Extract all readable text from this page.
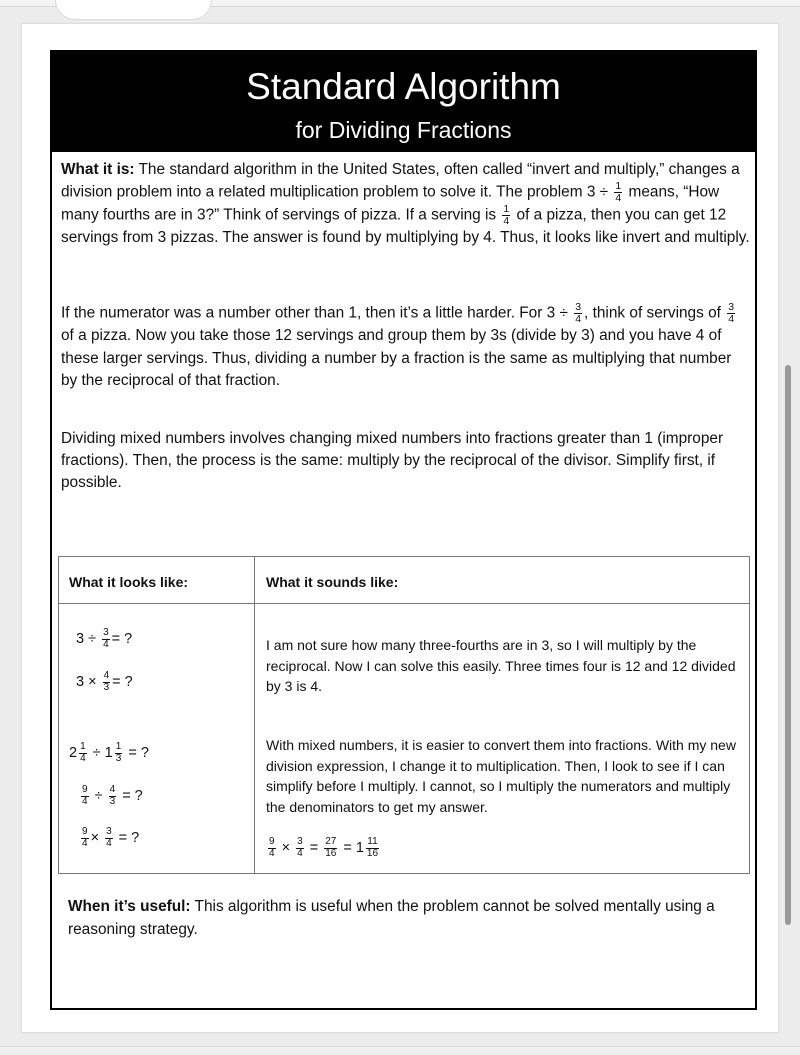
Standard Algorithm
for Dividing Fractions
What it is: The standard algorithm in the United States, often called “invert and multiply,” changes a division problem into a related multiplication problem to solve it. The problem $3 \div \frac{1}{4}$ means, “How many fourths are in 3?” Think of servings of pizza. If a serving is $\frac{1}{4}$ of a pizza, then you can get 12 servings from 3 pizzas. The answer is found by multiplying by 4. Thus, it looks like invert and multiply.
If the numerator was a number other than 1, then it’s a little harder. For $3 \div \frac{3}{4}$ , think of servings of $\frac{3}{4}$
of a pizza. Now you take those 12 servings and group them by 3s (divide by 3) and you have 4 of these larger servings. Thus, dividing a number by a fraction is the same as multiplying that number by the reciprocal of that fraction.
Dividing mixed numbers involves changing mixed numbers into fractions greater than 1 (improper fractions). Then, the process is the same: multiply by the reciprocal of the divisor. Simplify first, if possible.
What it looks like:	What it sounds like:
$3 \div \frac{3}{4}$ = ?
$3 \times \frac{4}{3}$ = ?
I am not sure how many three-fourths are in 3, so I will multiply by the reciprocal. Now I can solve this easily. Three times four is 12 and 12 divided by 3 is 4.
$2 \frac{1}{4} \div 1 \frac{1}{3}$ = ?
$\frac{9}{4} \div \frac{4}{3}$ = ?
$\frac{9}{4} \times \frac{3}{4}$ = ?
With mixed numbers, it is easier to convert them into fractions. With my new division expression, I change it to multiplication. Then, I look to see if I can simplify before I multiply. I cannot, so I multiply the numerators and multiply the denominators to get my answer.
$\frac{9}{4} \times \frac{3}{4} = \frac{27}{16} = 1 \frac{11}{16}$
When it’s useful: This algorithm is useful when the problem cannot be solved mentally using a reasoning strategy.
